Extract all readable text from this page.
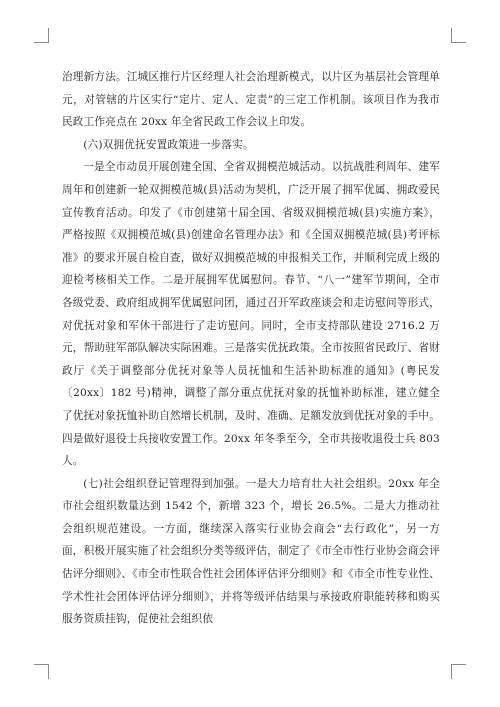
治理新方法。江城区推行片区经理人社会治理新模式，以片区为基层社会管理单元，对管辖的片区实行“定片、定人、定责”的三定工作机制。该项目作为我市民政工作亮点在 20xx 年全省民政工作会议上印发。

(六)双拥优抚安置政策进一步落实。

一是全市动员开展创建全国、全省双拥模范城活动。以抗战胜利周年、建军周年和创建新一轮双拥模范城(县)活动为契机，广泛开展了拥军优属、拥政爱民宣传教育活动。印发了《市创建第十届全国、省级双拥模范城(县)实施方案》，严格按照《双拥模范城(县)创建命名管理办法》和《全国双拥模范城(县)考评标准》的要求开展自检自查，做好双拥模范城的申报相关工作，并顺利完成上级的迎检考核相关工作。二是开展拥军优属慰问。春节、“八一”建军节期间，全市各级党委、政府组成拥军优属慰问团，通过召开军政座谈会和走访慰问等形式，对优抚对象和军休干部进行了走访慰问。同时，全市支持部队建设 2716.2 万元，帮助驻军部队解决实际困难。三是落实优抚政策。全市按照省民政厅、省财政厅《关于调整部分优抚对象等人员抚恤和生活补助标准的通知》(粤民发〔20xx〕182 号)精神，调整了部分重点优抚对象的抚恤补助标准，建立健全了优抚对象抚恤补助自然增长机制，及时、准确、足额发放到优抚对象的手中。四是做好退役士兵接收安置工作。20xx 年冬季至今，全市共接收退役士兵 803 人。

(七)社会组织登记管理得到加强。一是大力培育壮大社会组织。20xx 年全市社会组织数量达到 1542 个，新增 323 个，增长 26.5%。二是大力推动社会组织规范建设。一方面，继续深入落实行业协会商会“去行政化”，另一方面，积极开展实施了社会组织分类等级评估，制定了《市全市性行业协会商会评估评分细则》、《市全市性联合性社会团体评估评分细则》和《市全市性专业性、学术性社会团体评估评分细则》，并将等级评估结果与承接政府职能转移和购买服务资质挂钩，促使社会组织依
